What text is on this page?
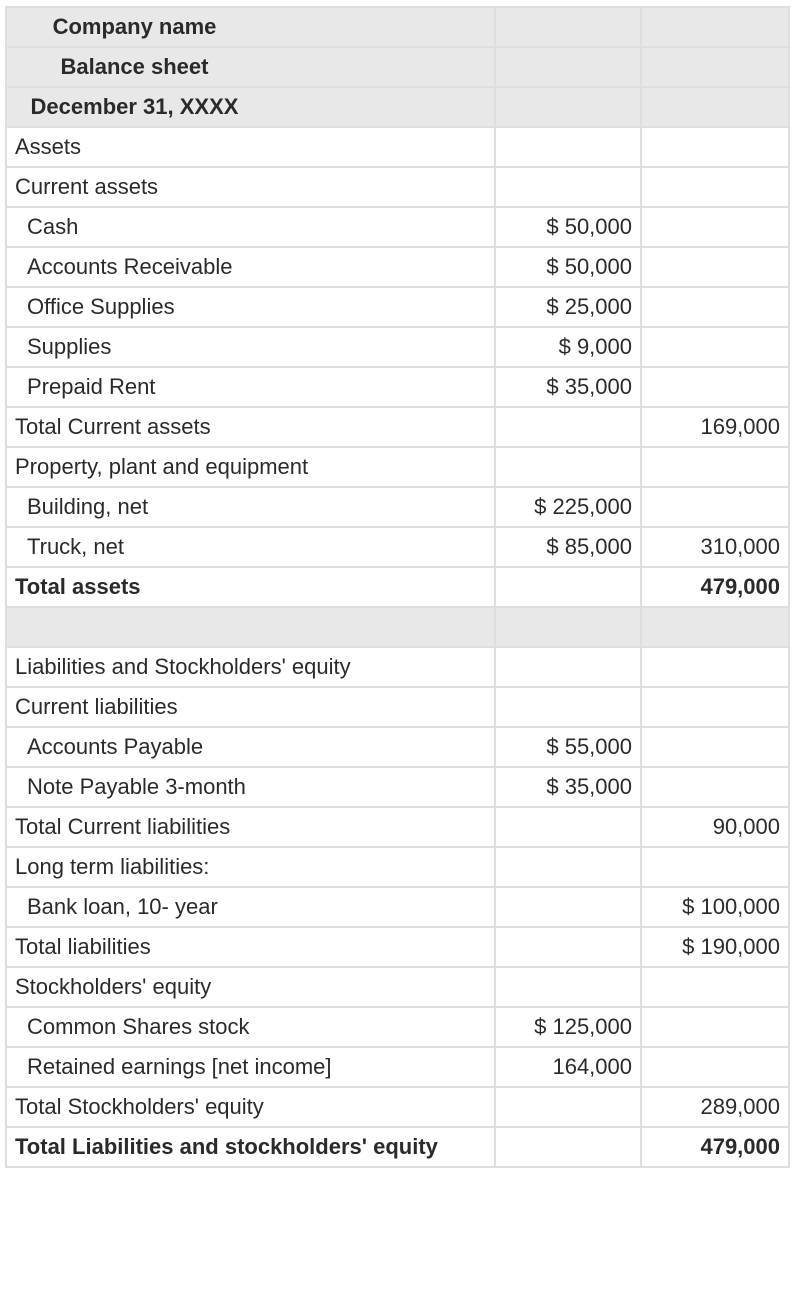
Company name		
Balance sheet		
December 31, XXXX		
Assets		
Current assets		
Cash	$ 50,000	
Accounts Receivable	$ 50,000	
Office Supplies	$ 25,000	
Supplies	$ 9,000	
Prepaid Rent	$ 35,000	
Total Current assets		169,000
Property, plant and equipment		
Building, net	$ 225,000	
Truck, net	$ 85,000	310,000
Total assets		479,000

Liabilities and Stockholders' equity		
Current liabilities		
Accounts Payable	$ 55,000	
Note Payable 3-month	$ 35,000	
Total Current liabilities		90,000
Long term liabilities:		
Bank loan, 10- year		$ 100,000
Total liabilities		$ 190,000
Stockholders' equity		
Common Shares stock	$ 125,000	
Retained earnings [net income]	164,000	
Total Stockholders' equity		289,000
Total Liabilities and stockholders' equity		479,000
